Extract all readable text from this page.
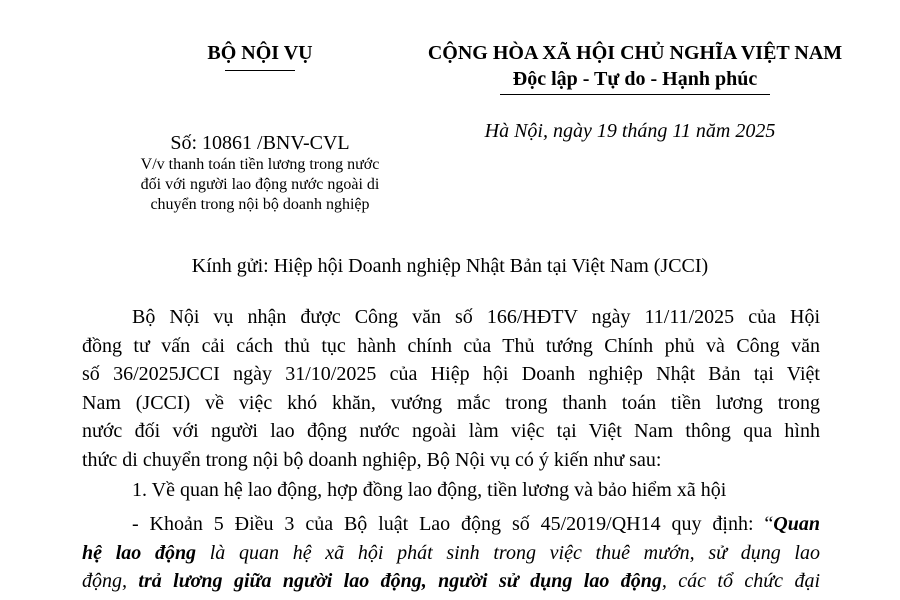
BỘ NỘI VỤ
Số: 10861 /BNV-CVL
V/v thanh toán tiền lương trong nước
đối với người lao động nước ngoài di
chuyển trong nội bộ doanh nghiệp
CỘNG HÒA XÃ HỘI CHỦ NGHĨA VIỆT NAM
Độc lập - Tự do - Hạnh phúc
Hà Nội, ngày 19 tháng 11 năm 2025
Kính gửi: Hiệp hội Doanh nghiệp Nhật Bản tại Việt Nam (JCCI)
Bộ Nội vụ nhận được Công văn số 166/HĐTV ngày 11/11/2025 của Hội
đồng tư vấn cải cách thủ tục hành chính của Thủ tướng Chính phủ và Công văn
số 36/2025JCCI ngày 31/10/2025 của Hiệp hội Doanh nghiệp Nhật Bản tại Việt
Nam (JCCI) về việc khó khăn, vướng mắc trong thanh toán tiền lương trong
nước đối với người lao động nước ngoài làm việc tại Việt Nam thông qua hình
thức di chuyển trong nội bộ doanh nghiệp, Bộ Nội vụ có ý kiến như sau:
1. Về quan hệ lao động, hợp đồng lao động, tiền lương và bảo hiểm xã hội
- Khoản 5 Điều 3 của Bộ luật Lao động số 45/2019/QH14 quy định: “Quan
hệ lao động là quan hệ xã hội phát sinh trong việc thuê mướn, sử dụng lao
động, trả lương giữa người lao động, người sử dụng lao động, các tổ chức đại
